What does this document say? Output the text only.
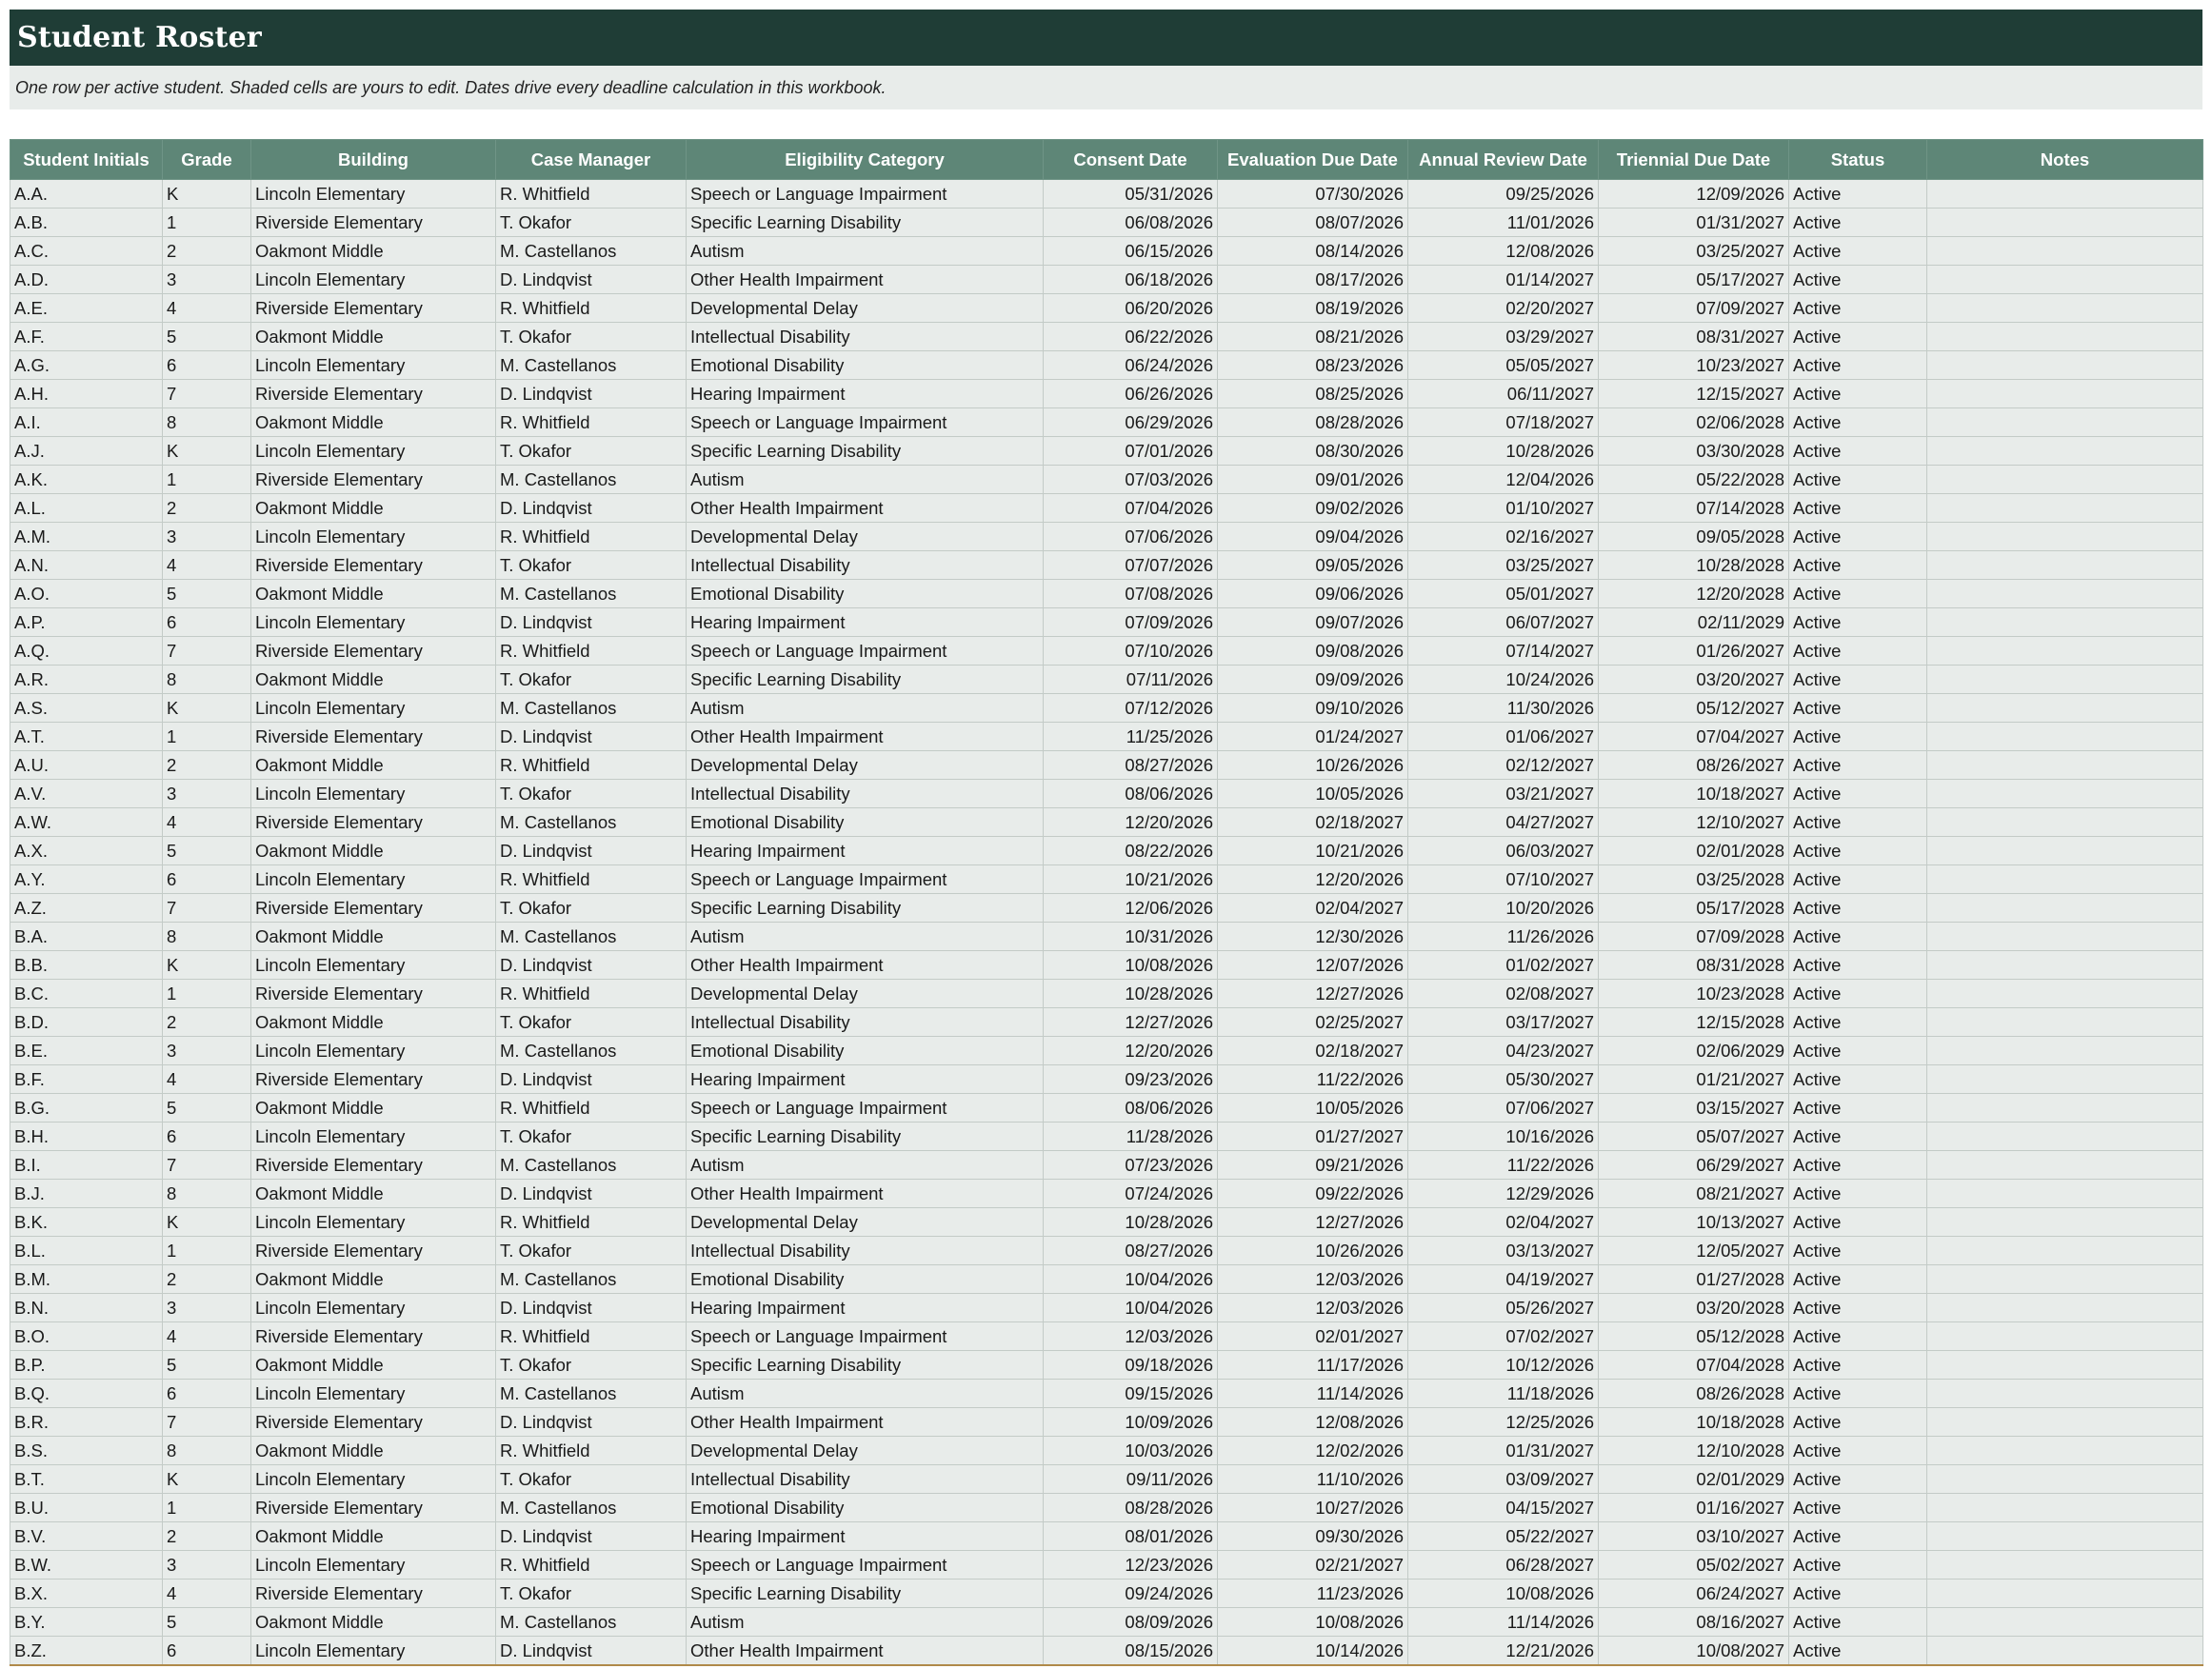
Student Roster
One row per active student. Shaded cells are yours to edit. Dates drive every deadline calculation in this workbook.
Student Initials	Grade	Building	Case Manager	Eligibility Category	Consent Date	Evaluation Due Date	Annual Review Date	Triennial Due Date	Status	Notes
A.A.	K	Lincoln Elementary	R. Whitfield	Speech or Language Impairment	05/31/2026	07/30/2026	09/25/2026	12/09/2026	Active	
A.B.	1	Riverside Elementary	T. Okafor	Specific Learning Disability	06/08/2026	08/07/2026	11/01/2026	01/31/2027	Active	
A.C.	2	Oakmont Middle	M. Castellanos	Autism	06/15/2026	08/14/2026	12/08/2026	03/25/2027	Active	
A.D.	3	Lincoln Elementary	D. Lindqvist	Other Health Impairment	06/18/2026	08/17/2026	01/14/2027	05/17/2027	Active	
A.E.	4	Riverside Elementary	R. Whitfield	Developmental Delay	06/20/2026	08/19/2026	02/20/2027	07/09/2027	Active	
A.F.	5	Oakmont Middle	T. Okafor	Intellectual Disability	06/22/2026	08/21/2026	03/29/2027	08/31/2027	Active	
A.G.	6	Lincoln Elementary	M. Castellanos	Emotional Disability	06/24/2026	08/23/2026	05/05/2027	10/23/2027	Active	
A.H.	7	Riverside Elementary	D. Lindqvist	Hearing Impairment	06/26/2026	08/25/2026	06/11/2027	12/15/2027	Active	
A.I.	8	Oakmont Middle	R. Whitfield	Speech or Language Impairment	06/29/2026	08/28/2026	07/18/2027	02/06/2028	Active	
A.J.	K	Lincoln Elementary	T. Okafor	Specific Learning Disability	07/01/2026	08/30/2026	10/28/2026	03/30/2028	Active	
A.K.	1	Riverside Elementary	M. Castellanos	Autism	07/03/2026	09/01/2026	12/04/2026	05/22/2028	Active	
A.L.	2	Oakmont Middle	D. Lindqvist	Other Health Impairment	07/04/2026	09/02/2026	01/10/2027	07/14/2028	Active	
A.M.	3	Lincoln Elementary	R. Whitfield	Developmental Delay	07/06/2026	09/04/2026	02/16/2027	09/05/2028	Active	
A.N.	4	Riverside Elementary	T. Okafor	Intellectual Disability	07/07/2026	09/05/2026	03/25/2027	10/28/2028	Active	
A.O.	5	Oakmont Middle	M. Castellanos	Emotional Disability	07/08/2026	09/06/2026	05/01/2027	12/20/2028	Active	
A.P.	6	Lincoln Elementary	D. Lindqvist	Hearing Impairment	07/09/2026	09/07/2026	06/07/2027	02/11/2029	Active	
A.Q.	7	Riverside Elementary	R. Whitfield	Speech or Language Impairment	07/10/2026	09/08/2026	07/14/2027	01/26/2027	Active	
A.R.	8	Oakmont Middle	T. Okafor	Specific Learning Disability	07/11/2026	09/09/2026	10/24/2026	03/20/2027	Active	
A.S.	K	Lincoln Elementary	M. Castellanos	Autism	07/12/2026	09/10/2026	11/30/2026	05/12/2027	Active	
A.T.	1	Riverside Elementary	D. Lindqvist	Other Health Impairment	11/25/2026	01/24/2027	01/06/2027	07/04/2027	Active	
A.U.	2	Oakmont Middle	R. Whitfield	Developmental Delay	08/27/2026	10/26/2026	02/12/2027	08/26/2027	Active	
A.V.	3	Lincoln Elementary	T. Okafor	Intellectual Disability	08/06/2026	10/05/2026	03/21/2027	10/18/2027	Active	
A.W.	4	Riverside Elementary	M. Castellanos	Emotional Disability	12/20/2026	02/18/2027	04/27/2027	12/10/2027	Active	
A.X.	5	Oakmont Middle	D. Lindqvist	Hearing Impairment	08/22/2026	10/21/2026	06/03/2027	02/01/2028	Active	
A.Y.	6	Lincoln Elementary	R. Whitfield	Speech or Language Impairment	10/21/2026	12/20/2026	07/10/2027	03/25/2028	Active	
A.Z.	7	Riverside Elementary	T. Okafor	Specific Learning Disability	12/06/2026	02/04/2027	10/20/2026	05/17/2028	Active	
B.A.	8	Oakmont Middle	M. Castellanos	Autism	10/31/2026	12/30/2026	11/26/2026	07/09/2028	Active	
B.B.	K	Lincoln Elementary	D. Lindqvist	Other Health Impairment	10/08/2026	12/07/2026	01/02/2027	08/31/2028	Active	
B.C.	1	Riverside Elementary	R. Whitfield	Developmental Delay	10/28/2026	12/27/2026	02/08/2027	10/23/2028	Active	
B.D.	2	Oakmont Middle	T. Okafor	Intellectual Disability	12/27/2026	02/25/2027	03/17/2027	12/15/2028	Active	
B.E.	3	Lincoln Elementary	M. Castellanos	Emotional Disability	12/20/2026	02/18/2027	04/23/2027	02/06/2029	Active	
B.F.	4	Riverside Elementary	D. Lindqvist	Hearing Impairment	09/23/2026	11/22/2026	05/30/2027	01/21/2027	Active	
B.G.	5	Oakmont Middle	R. Whitfield	Speech or Language Impairment	08/06/2026	10/05/2026	07/06/2027	03/15/2027	Active	
B.H.	6	Lincoln Elementary	T. Okafor	Specific Learning Disability	11/28/2026	01/27/2027	10/16/2026	05/07/2027	Active	
B.I.	7	Riverside Elementary	M. Castellanos	Autism	07/23/2026	09/21/2026	11/22/2026	06/29/2027	Active	
B.J.	8	Oakmont Middle	D. Lindqvist	Other Health Impairment	07/24/2026	09/22/2026	12/29/2026	08/21/2027	Active	
B.K.	K	Lincoln Elementary	R. Whitfield	Developmental Delay	10/28/2026	12/27/2026	02/04/2027	10/13/2027	Active	
B.L.	1	Riverside Elementary	T. Okafor	Intellectual Disability	08/27/2026	10/26/2026	03/13/2027	12/05/2027	Active	
B.M.	2	Oakmont Middle	M. Castellanos	Emotional Disability	10/04/2026	12/03/2026	04/19/2027	01/27/2028	Active	
B.N.	3	Lincoln Elementary	D. Lindqvist	Hearing Impairment	10/04/2026	12/03/2026	05/26/2027	03/20/2028	Active	
B.O.	4	Riverside Elementary	R. Whitfield	Speech or Language Impairment	12/03/2026	02/01/2027	07/02/2027	05/12/2028	Active	
B.P.	5	Oakmont Middle	T. Okafor	Specific Learning Disability	09/18/2026	11/17/2026	10/12/2026	07/04/2028	Active	
B.Q.	6	Lincoln Elementary	M. Castellanos	Autism	09/15/2026	11/14/2026	11/18/2026	08/26/2028	Active	
B.R.	7	Riverside Elementary	D. Lindqvist	Other Health Impairment	10/09/2026	12/08/2026	12/25/2026	10/18/2028	Active	
B.S.	8	Oakmont Middle	R. Whitfield	Developmental Delay	10/03/2026	12/02/2026	01/31/2027	12/10/2028	Active	
B.T.	K	Lincoln Elementary	T. Okafor	Intellectual Disability	09/11/2026	11/10/2026	03/09/2027	02/01/2029	Active	
B.U.	1	Riverside Elementary	M. Castellanos	Emotional Disability	08/28/2026	10/27/2026	04/15/2027	01/16/2027	Active	
B.V.	2	Oakmont Middle	D. Lindqvist	Hearing Impairment	08/01/2026	09/30/2026	05/22/2027	03/10/2027	Active	
B.W.	3	Lincoln Elementary	R. Whitfield	Speech or Language Impairment	12/23/2026	02/21/2027	06/28/2027	05/02/2027	Active	
B.X.	4	Riverside Elementary	T. Okafor	Specific Learning Disability	09/24/2026	11/23/2026	10/08/2026	06/24/2027	Active	
B.Y.	5	Oakmont Middle	M. Castellanos	Autism	08/09/2026	10/08/2026	11/14/2026	08/16/2027	Active	
B.Z.	6	Lincoln Elementary	D. Lindqvist	Other Health Impairment	08/15/2026	10/14/2026	12/21/2026	10/08/2027	Active	
